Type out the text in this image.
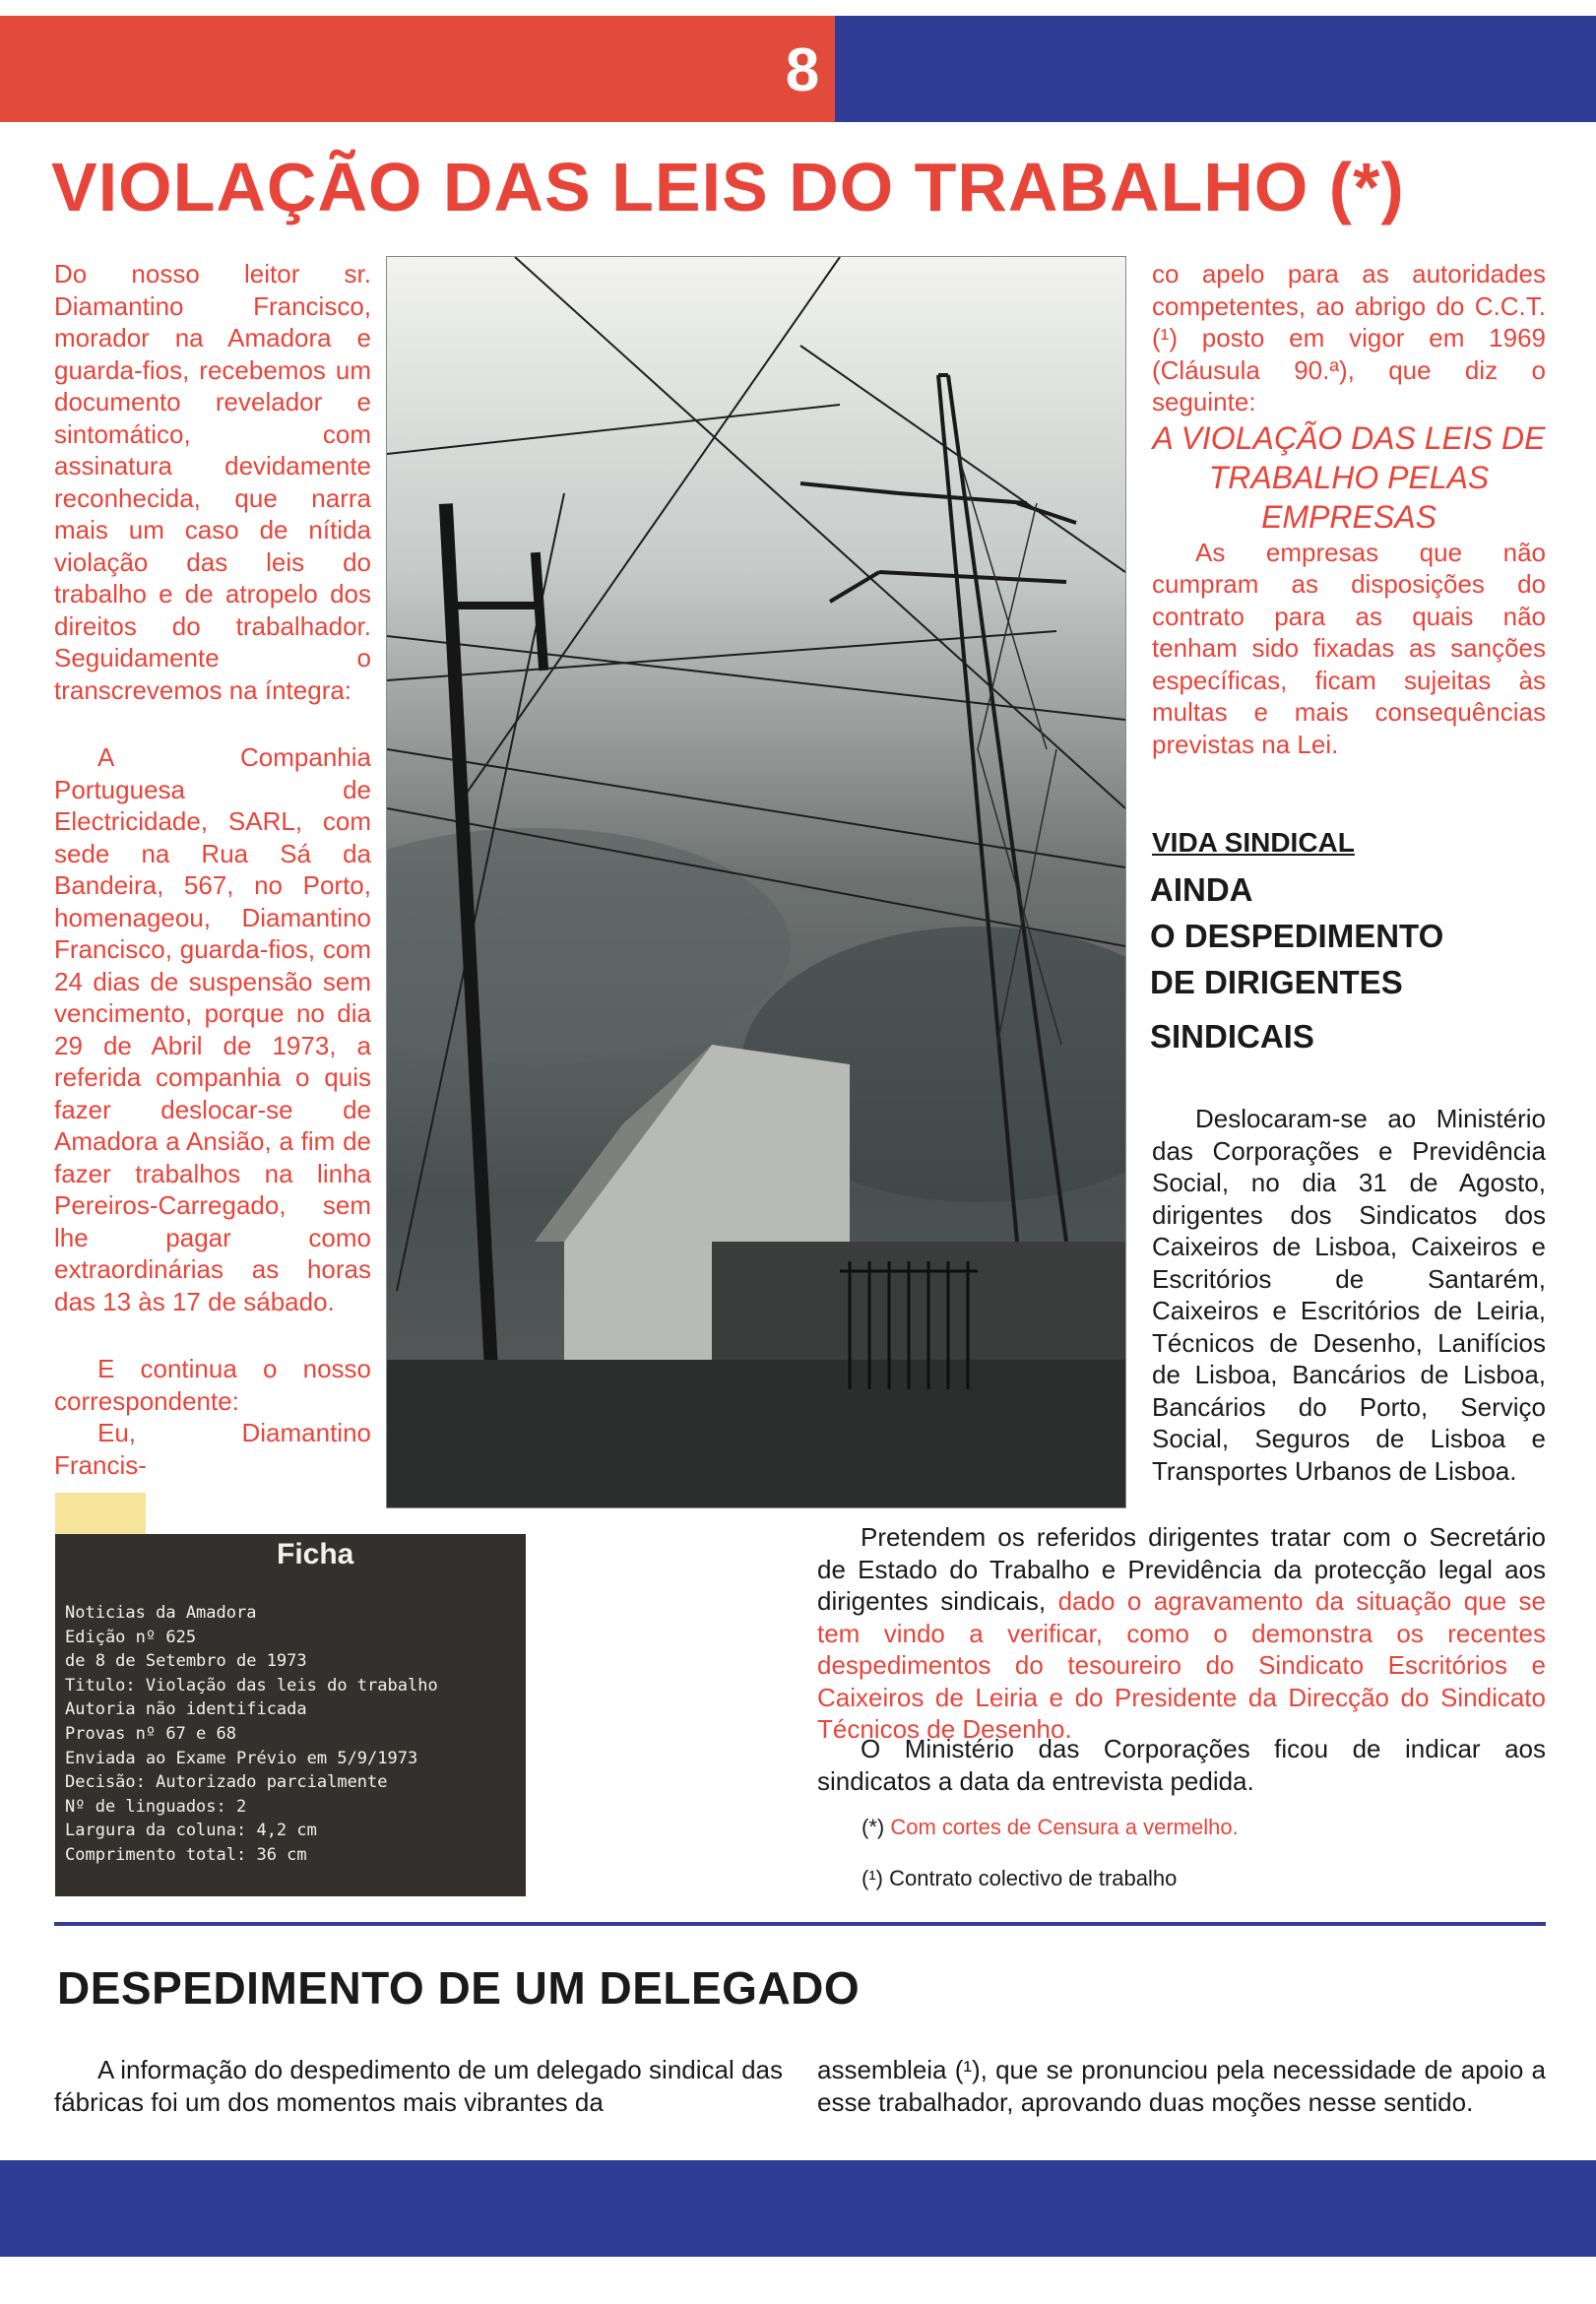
8
VIOLAÇÃO DAS LEIS DO TRABALHO (*)

Do nosso leitor sr. Diamantino Francisco, morador na Amadora e guarda-fios, recebemos um documento revelador e sintomático, com assinatura devidamente reconhecida, que narra mais um caso de nítida violação das leis do trabalho e de atropelo dos direitos do trabalhador. Seguidamente o transcrevemos na íntegra:

A Companhia Portuguesa de Electricidade, SARL, com sede na Rua Sá da Bandeira, 567, no Porto, homenageou, Diamantino Francisco, guarda-fios, com 24 dias de suspensão sem vencimento, porque no dia 29 de Abril de 1973, a referida companhia o quis fazer deslocar-se de Amadora a Ansião, a fim de fazer trabalhos na linha Pereiros-Carregado, sem lhe pagar como extraordinárias as horas das 13 às 17 de sábado.

E continua o nosso correspondente:

Eu, Diamantino Francis-

co apelo para as autoridades competentes, ao abrigo do C.C.T. (¹) posto em vigor em 1969 (Cláusula 90.ª), que diz o seguinte:

A VIOLAÇÃO DAS LEIS DE TRABALHO PELAS EMPRESAS

As empresas que não cumpram as disposições do contrato para as quais não tenham sido fixadas as sanções específicas, ficam sujeitas às multas e mais consequências previstas na Lei.

VIDA SINDICAL
AINDA
O DESPEDIMENTO
DE DIRIGENTES
SINDICAIS
Deslocaram-se ao Ministério das Corporações e Previdência Social, no dia 31 de Agosto, dirigentes dos Sindicatos dos Caixeiros de Lisboa, Caixeiros e Escritórios de Santarém, Caixeiros e Escritórios de Leiria, Técnicos de Desenho, Lanifícios de Lisboa, Bancários de Lisboa, Bancários do Porto, Serviço Social, Seguros de Lisboa e Transportes Urbanos de Lisboa.
Pretendem os referidos dirigentes tratar com o Secretário de Estado do Trabalho e Previdência da protecção legal aos dirigentes sindicais, dado o agravamento da situação que se tem vindo a verificar, como o demonstra os recentes despedimentos do tesoureiro do Sindicato Escritórios e Caixeiros de Leiria e do Presidente da Direcção do Sindicato Técnicos de Desenho.
O Ministério das Corporações ficou de indicar aos sindicatos a data da entrevista pedida.
(*) Com cortes de Censura a vermelho.
(¹) Contrato colectivo de trabalho
Ficha
Noticias da Amadora
Edição nº 625
de 8 de Setembro de 1973
Titulo: Violação das leis do trabalho
Autoria não identificada
Provas nº 67 e 68
Enviada ao Exame Prévio em 5/9/1973
Decisão: Autorizado parcialmente
Nº de linguados: 2
Largura da coluna: 4,2 cm
Comprimento total: 36 cm
DESPEDIMENTO DE UM DELEGADO
A informação do despedimento de um delegado sindical das fábricas foi um dos momentos mais vibrantes da
assembleia (¹), que se pronunciou pela necessidade de apoio a esse trabalhador, aprovando duas moções nesse sentido.
